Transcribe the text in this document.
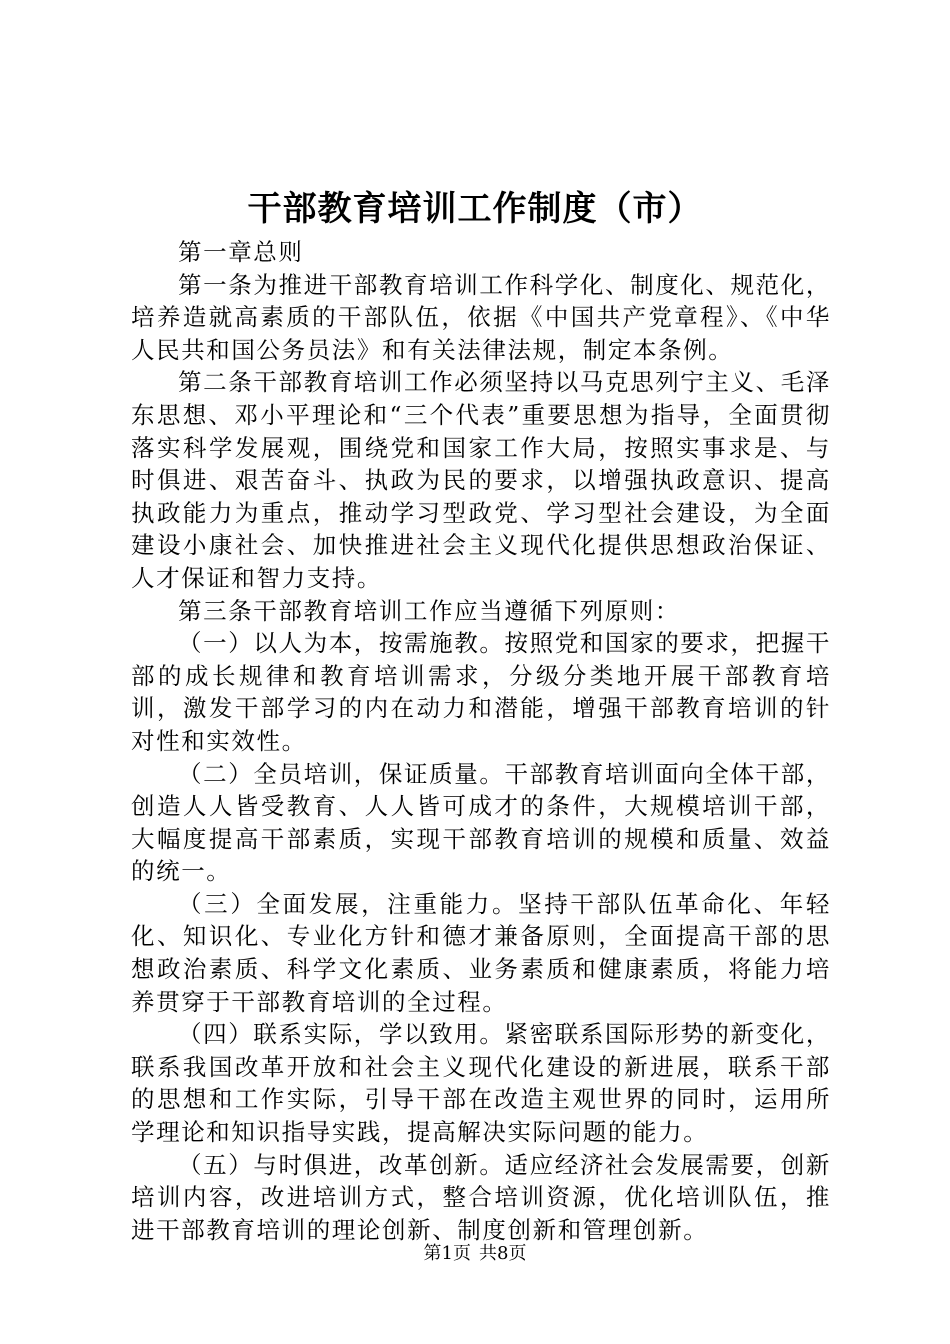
干部教育培训工作制度（市）

第一章总则

第一条为推进干部教育培训工作科学化、制度化、规范化，培养造就高素质的干部队伍，依据《中国共产党章程》、《中华人民共和国公务员法》和有关法律法规，制定本条例。

第二条干部教育培训工作必须坚持以马克思列宁主义、毛泽东思想、邓小平理论和“三个代表”重要思想为指导，全面贯彻落实科学发展观，围绕党和国家工作大局，按照实事求是、与时俱进、艰苦奋斗、执政为民的要求，以增强执政意识、提高执政能力为重点，推动学习型政党、学习型社会建设，为全面建设小康社会、加快推进社会主义现代化提供思想政治保证、人才保证和智力支持。

第三条干部教育培训工作应当遵循下列原则：

（一）以人为本，按需施教。按照党和国家的要求，把握干部的成长规律和教育培训需求，分级分类地开展干部教育培训，激发干部学习的内在动力和潜能，增强干部教育培训的针对性和实效性。

（二）全员培训，保证质量。干部教育培训面向全体干部，创造人人皆受教育、人人皆可成才的条件，大规模培训干部，大幅度提高干部素质，实现干部教育培训的规模和质量、效益的统一。

（三）全面发展，注重能力。坚持干部队伍革命化、年轻化、知识化、专业化方针和德才兼备原则，全面提高干部的思想政治素质、科学文化素质、业务素质和健康素质，将能力培养贯穿于干部教育培训的全过程。

（四）联系实际，学以致用。紧密联系国际形势的新变化，联系我国改革开放和社会主义现代化建设的新进展，联系干部的思想和工作实际，引导干部在改造主观世界的同时，运用所学理论和知识指导实践，提高解决实际问题的能力。

（五）与时俱进，改革创新。适应经济社会发展需要，创新培训内容，改进培训方式，整合培训资源，优化培训队伍，推进干部教育培训的理论创新、制度创新和管理创新。

第1页 共8页
